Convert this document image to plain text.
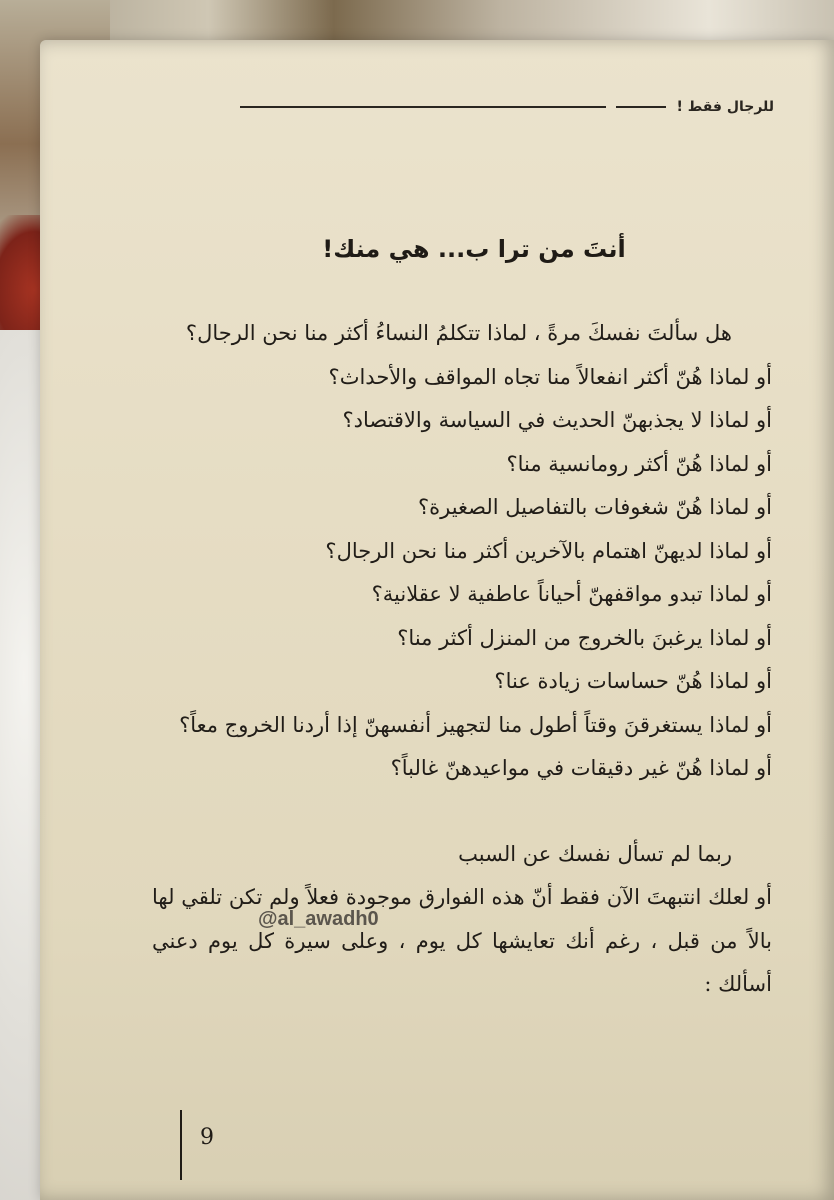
للرجال فقط !
أنتَ من ترا ب... هي منك!

هل سألتَ نفسكَ مرةً ، لماذا تتكلمُ النساءُ أكثر منا نحن الرجال؟

أو لماذا هُنّ أكثر انفعالاً منا تجاه المواقف والأحداث؟

أو لماذا لا يجذبهنّ الحديث في السياسة والاقتصاد؟

أو لماذا هُنّ أكثر رومانسية منا؟

أو لماذا هُنّ شغوفات بالتفاصيل الصغيرة؟

أو لماذا لديهنّ اهتمام بالآخرين أكثر منا نحن الرجال؟

أو لماذا تبدو مواقفهنّ أحياناً عاطفية لا عقلانية؟

أو لماذا يرغبنَ بالخروج من المنزل أكثر منا؟

أو لماذا هُنّ حساسات زيادة عنا؟

أو لماذا يستغرقنَ وقتاً أطول منا لتجهيز أنفسهنّ إذا أردنا الخروج معاً؟

أو لماذا هُنّ غير دقيقات في مواعيدهنّ غالباً؟

ربما لم تسأل نفسك عن السبب

أو لعلك انتبهتَ الآن فقط أنّ هذه الفوارق موجودة فعلاً ولم تكن تلقي لها بالاً من قبل ، رغم أنك تعايشها كل يوم ، وعلى سيرة كل يوم دعني أسألك :

@al_awadh0
9
